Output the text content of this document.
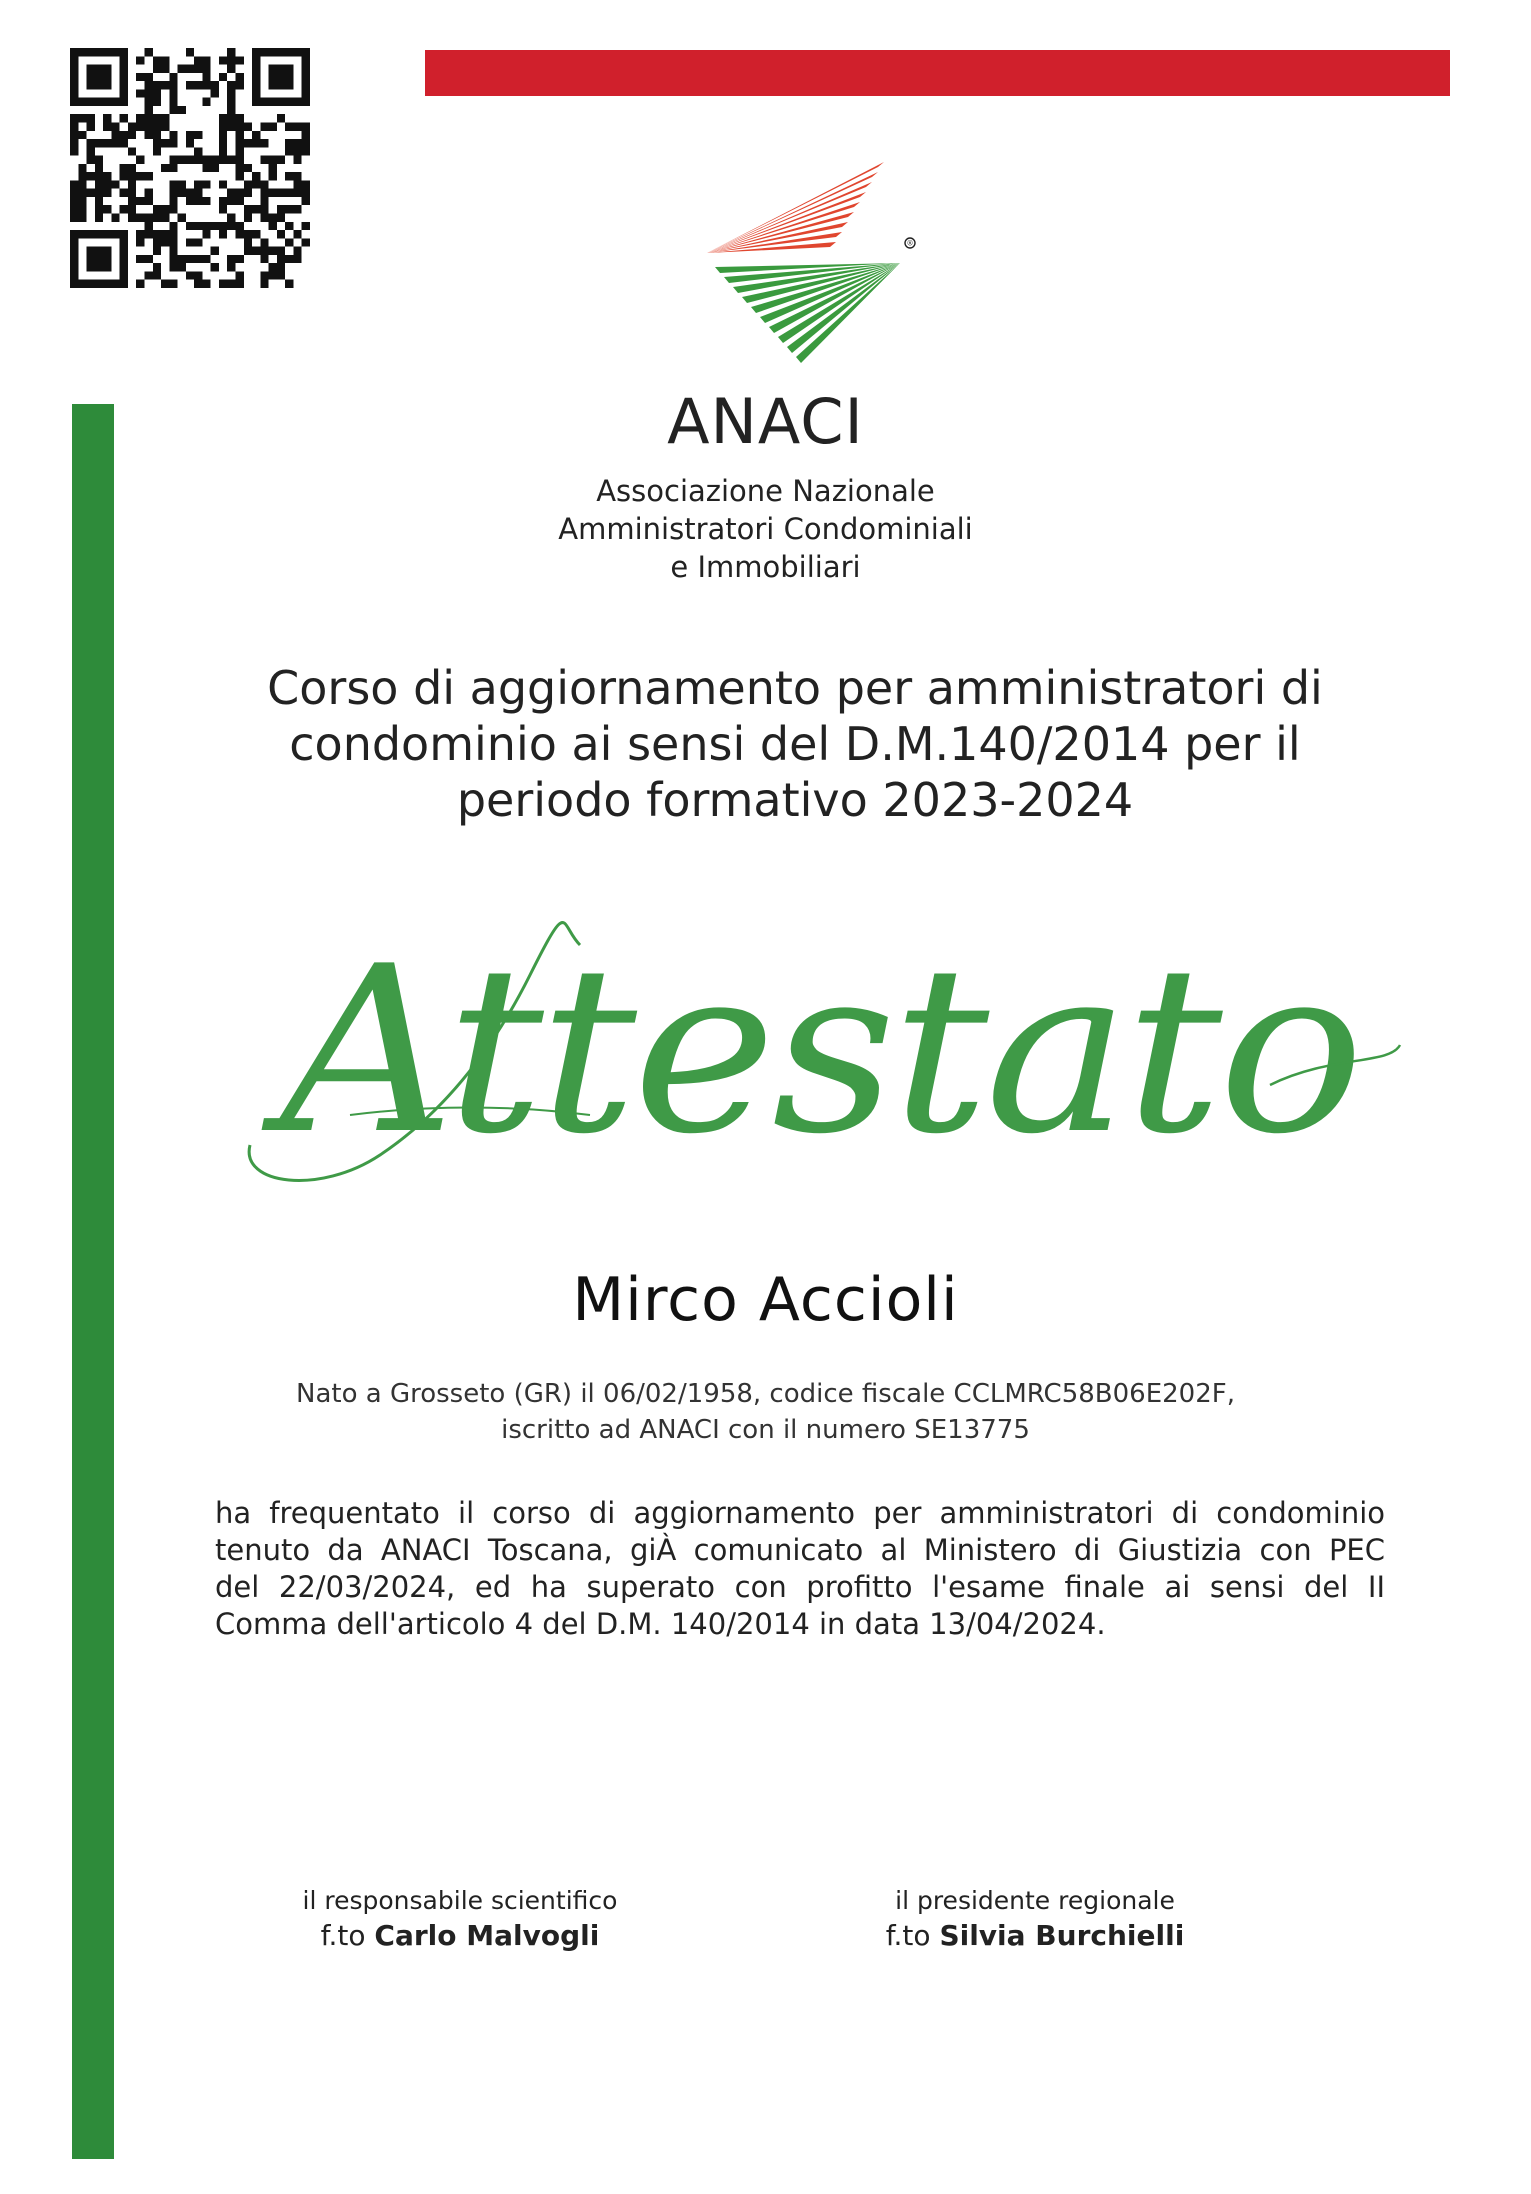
®
ANACI
Associazione Nazionale
Amministratori Condominiali
e Immobiliari
Corso di aggiornamento per amministratori di
condominio ai sensi del D.M.140/2014 per il
periodo formativo 2023-2024
Attestato
Mirco Accioli
Nato a Grosseto (GR) il 06/02/1958, codice fiscale CCLMRC58B06E202F,
iscritto ad ANACI con il numero SE13775
ha frequentato il corso di aggiornamento per amministratori di condominio
tenuto da ANACI Toscana, giÀ comunicato al Ministero di Giustizia con PEC
del 22/03/2024, ed ha superato con profitto l'esame finale ai sensi del II
Comma dell'articolo 4 del D.M. 140/2014 in data 13/04/2024.
il responsabile scientifico
f.to Carlo Malvogli
il presidente regionale
f.to Silvia Burchielli
